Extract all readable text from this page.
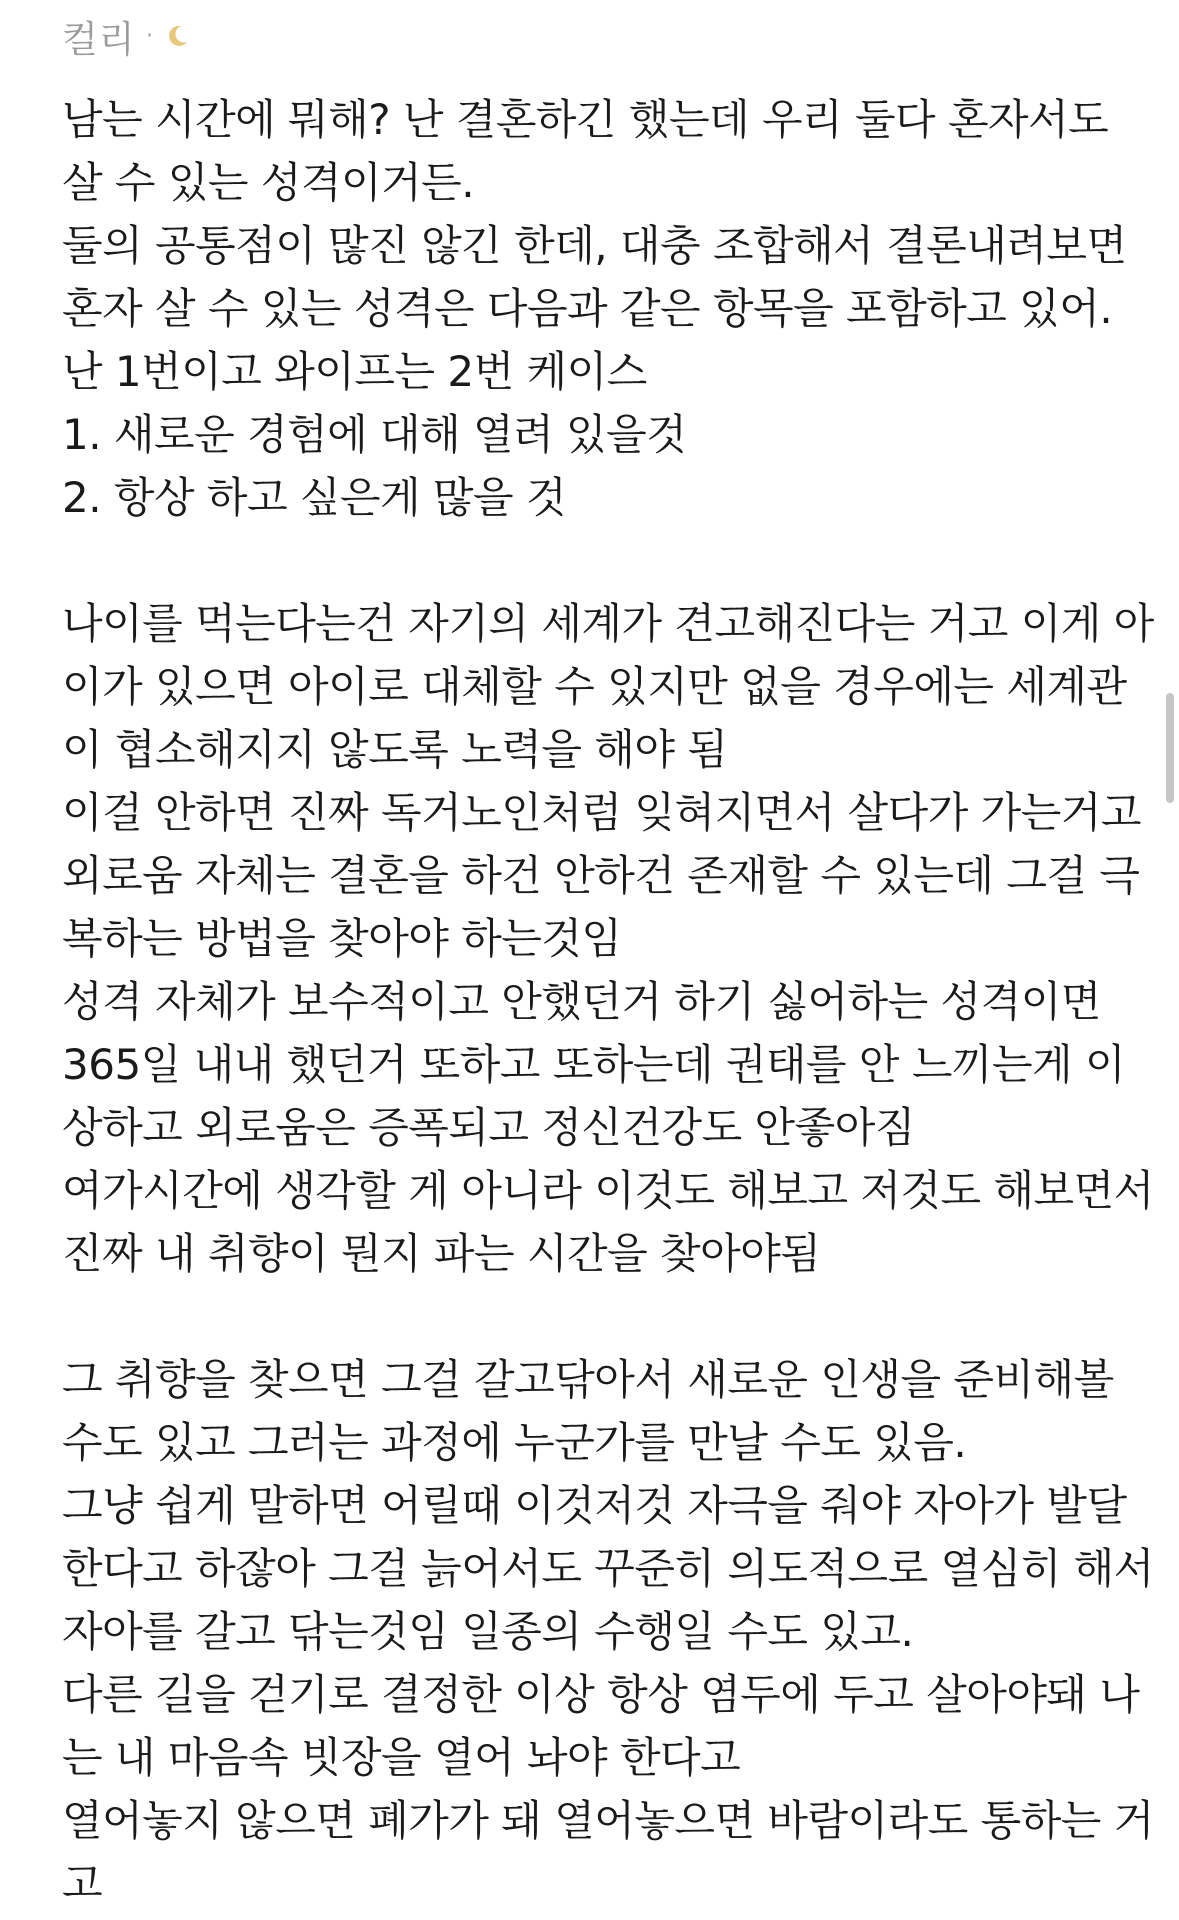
컬리 ·
남는 시간에 뭐해? 난 결혼하긴 했는데 우리 둘다 혼자서도
살 수 있는 성격이거든.
둘의 공통점이 많진 않긴 한데, 대충 조합해서 결론내려보면
혼자 살 수 있는 성격은 다음과 같은 항목을 포함하고 있어.
난 1번이고 와이프는 2번 케이스
1. 새로운 경험에 대해 열려 있을것
2. 항상 하고 싶은게 많을 것
나이를 먹는다는건 자기의 세계가 견고해진다는 거고 이게 아
이가 있으면 아이로 대체할 수 있지만 없을 경우에는 세계관
이 협소해지지 않도록 노력을 해야 됨
이걸 안하면 진짜 독거노인처럼 잊혀지면서 살다가 가는거고
외로움 자체는 결혼을 하건 안하건 존재할 수 있는데 그걸 극
복하는 방법을 찾아야 하는것임
성격 자체가 보수적이고 안했던거 하기 싫어하는 성격이면
365일 내내 했던거 또하고 또하는데 권태를 안 느끼는게 이
상하고 외로움은 증폭되고 정신건강도 안좋아짐
여가시간에 생각할 게 아니라 이것도 해보고 저것도 해보면서
진짜 내 취향이 뭔지 파는 시간을 찾아야됨
그 취향을 찾으면 그걸 갈고닦아서 새로운 인생을 준비해볼
수도 있고 그러는 과정에 누군가를 만날 수도 있음.
그냥 쉽게 말하면 어릴때 이것저것 자극을 줘야 자아가 발달
한다고 하잖아 그걸 늙어서도 꾸준히 의도적으로 열심히 해서
자아를 갈고 닦는것임 일종의 수행일 수도 있고.
다른 길을 걷기로 결정한 이상 항상 염두에 두고 살아야돼 나
는 내 마음속 빗장을 열어 놔야 한다고
열어놓지 않으면 폐가가 돼 열어놓으면 바람이라도 통하는 거
고
